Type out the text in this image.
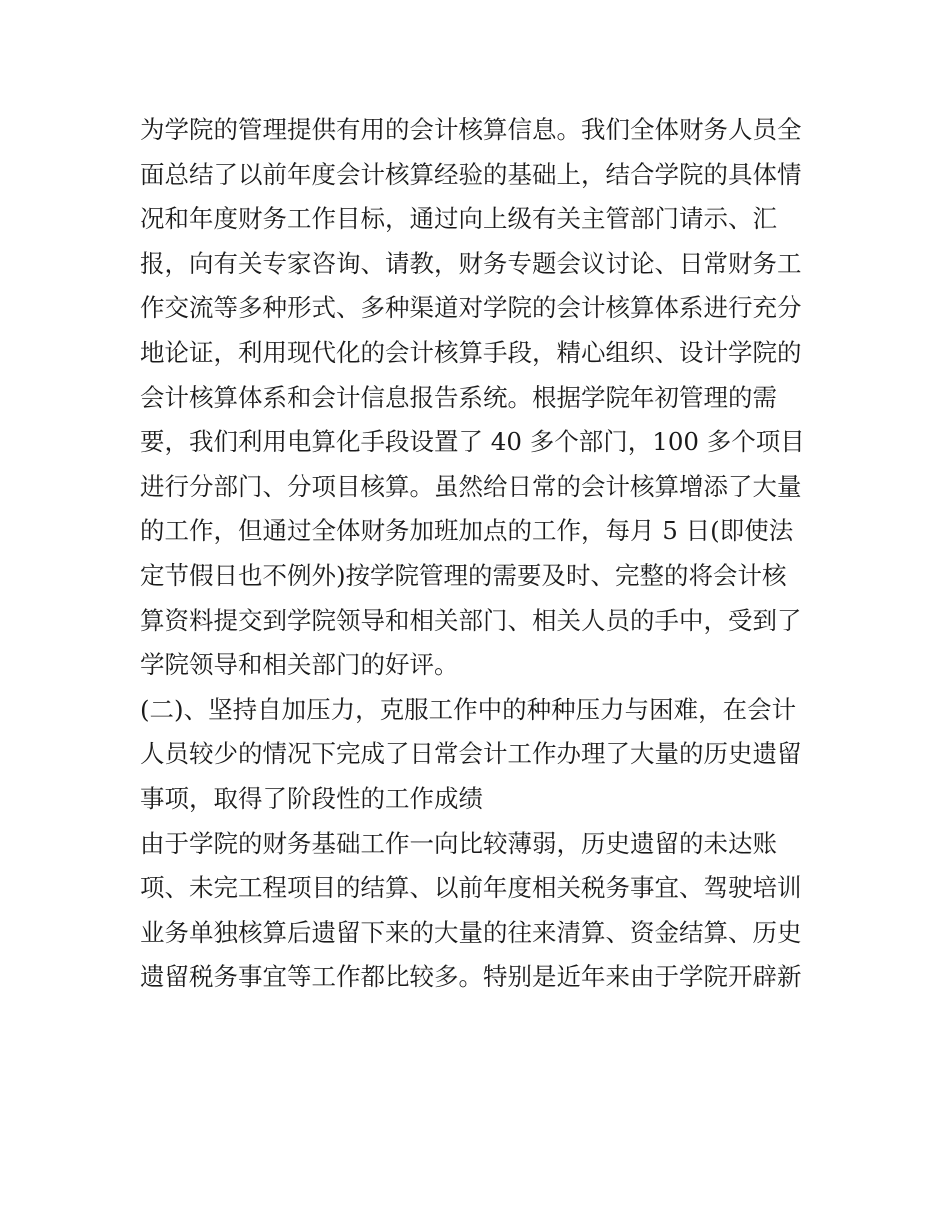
为学院的管理提供有用的会计核算信息。我们全体财务人员全
面总结了以前年度会计核算经验的基础上，结合学院的具体情
况和年度财务工作目标，通过向上级有关主管部门请示、汇
报，向有关专家咨询、请教，财务专题会议讨论、日常财务工
作交流等多种形式、多种渠道对学院的会计核算体系进行充分
地论证，利用现代化的会计核算手段，精心组织、设计学院的
会计核算体系和会计信息报告系统。根据学院年初管理的需
要，我们利用电算化手段设置了 40 多个部门，100 多个项目
进行分部门、分项目核算。虽然给日常的会计核算增添了大量
的工作，但通过全体财务加班加点的工作，每月 5 日(即使法
定节假日也不例外)按学院管理的需要及时、完整的将会计核
算资料提交到学院领导和相关部门、相关人员的手中，受到了
学院领导和相关部门的好评。
(二)、坚持自加压力，克服工作中的种种压力与困难，在会计
人员较少的情况下完成了日常会计工作办理了大量的历史遗留
事项，取得了阶段性的工作成绩
由于学院的财务基础工作一向比较薄弱，历史遗留的未达账
项、未完工程项目的结算、以前年度相关税务事宜、驾驶培训
业务单独核算后遗留下来的大量的往来清算、资金结算、历史
遗留税务事宜等工作都比较多。特别是近年来由于学院开辟新
